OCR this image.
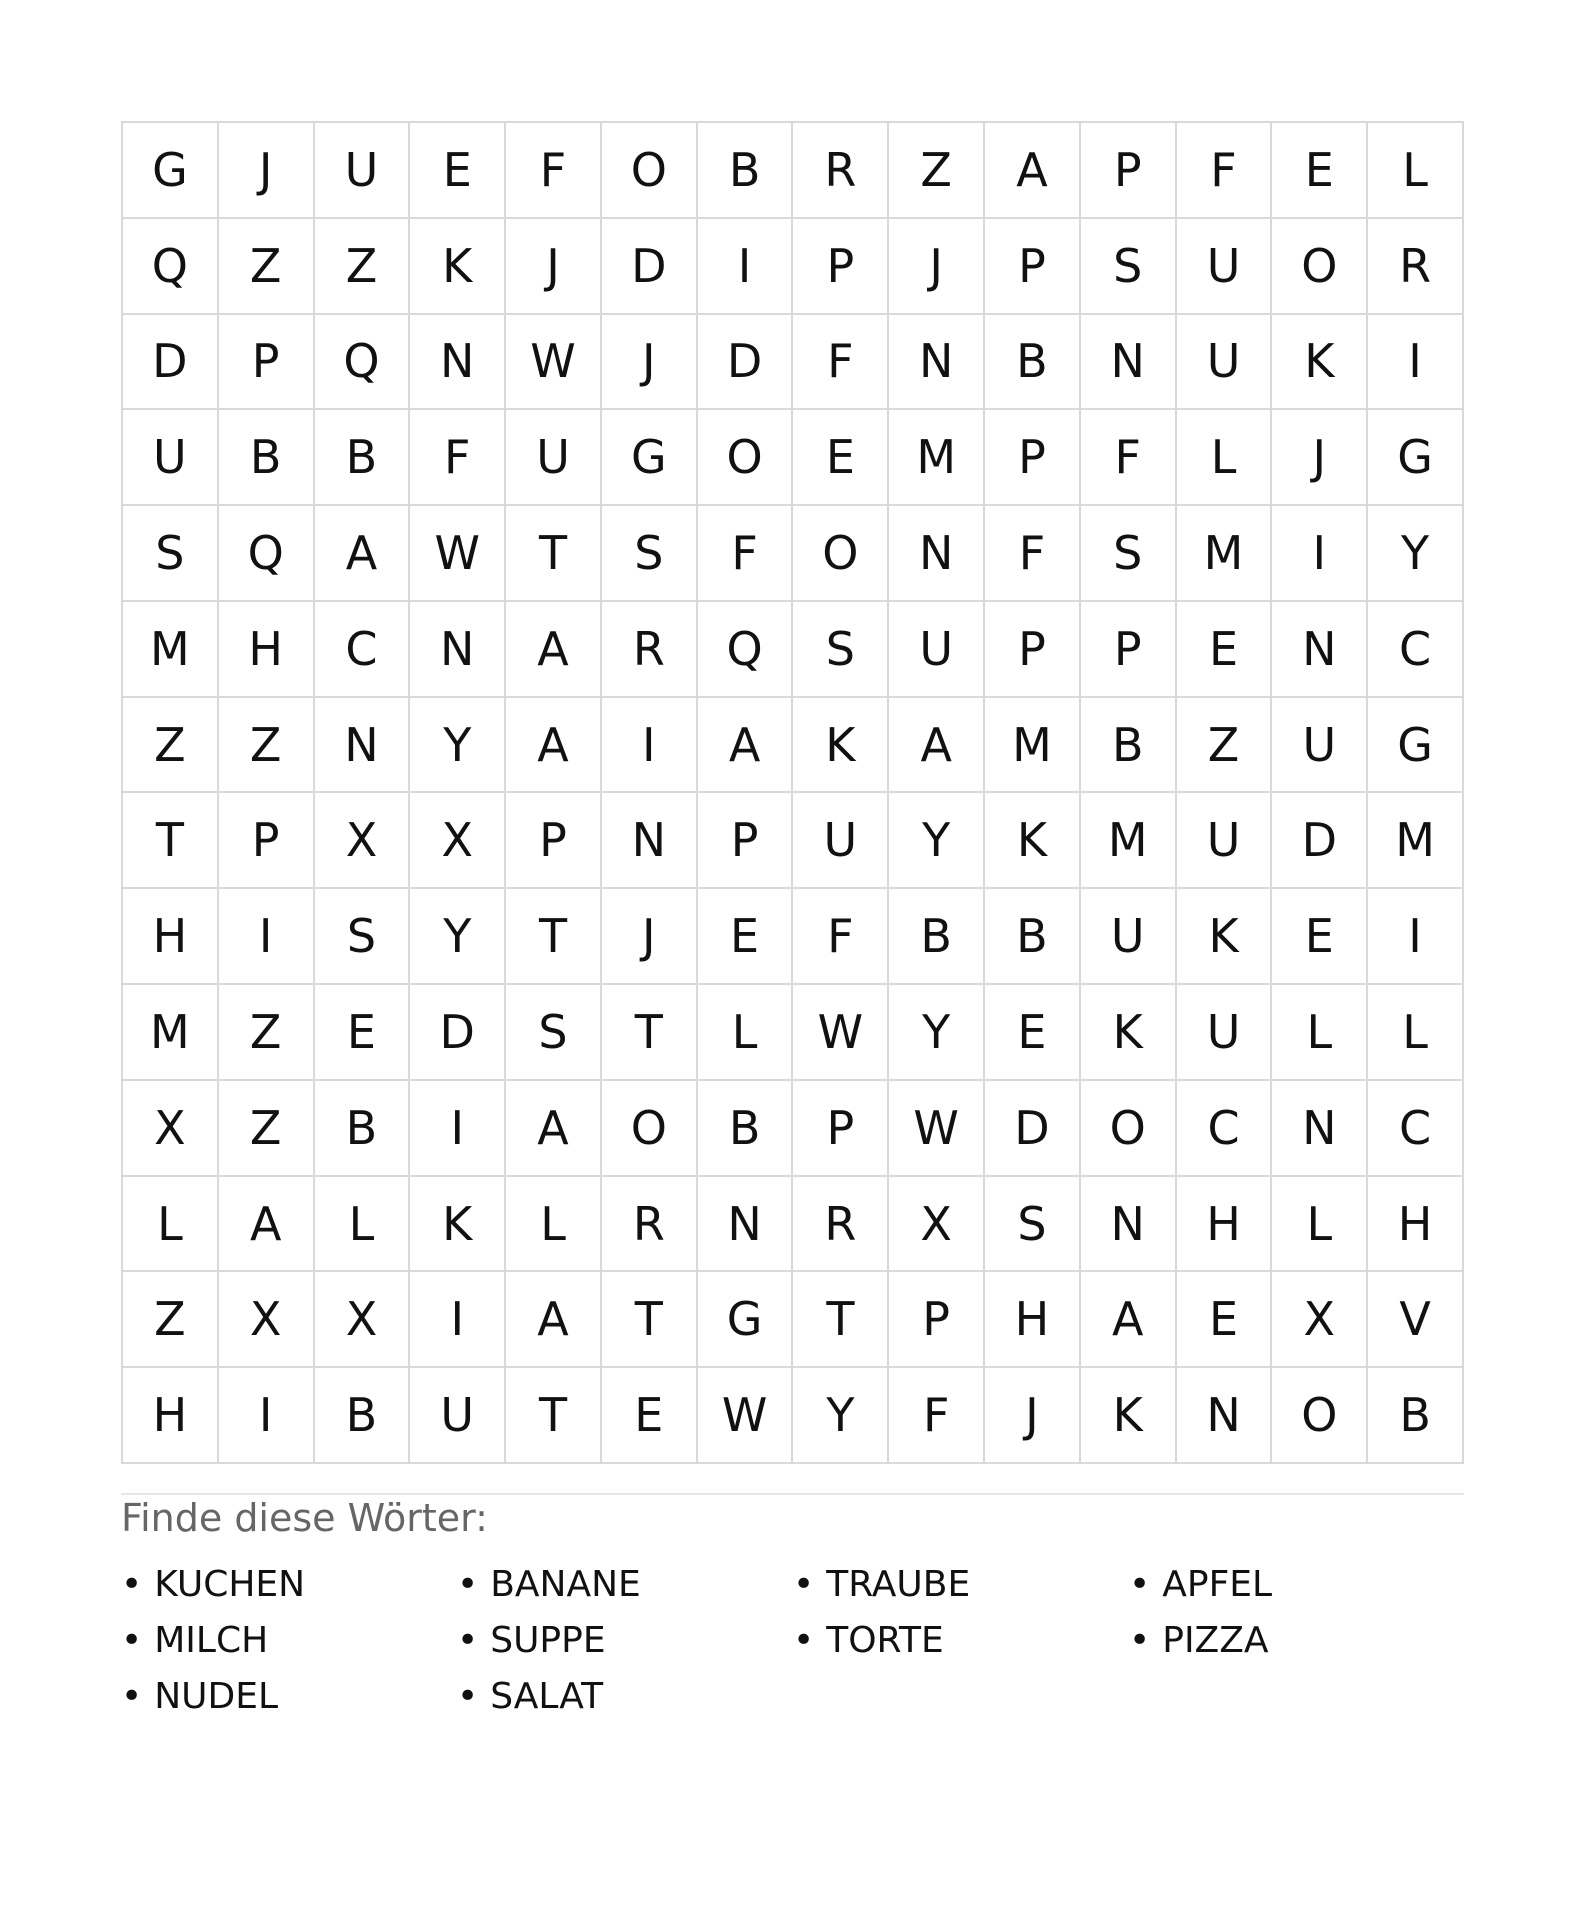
G	J	U	E	F	O	B	R	Z	A	P	F	E	L
Q	Z	Z	K	J	D	I	P	J	P	S	U	O	R
D	P	Q	N	W	J	D	F	N	B	N	U	K	I
U	B	B	F	U	G	O	E	M	P	F	L	J	G
S	Q	A	W	T	S	F	O	N	F	S	M	I	Y
M	H	C	N	A	R	Q	S	U	P	P	E	N	C
Z	Z	N	Y	A	I	A	K	A	M	B	Z	U	G
T	P	X	X	P	N	P	U	Y	K	M	U	D	M
H	I	S	Y	T	J	E	F	B	B	U	K	E	I
M	Z	E	D	S	T	L	W	Y	E	K	U	L	L
X	Z	B	I	A	O	B	P	W	D	O	C	N	C
L	A	L	K	L	R	N	R	X	S	N	H	L	H
Z	X	X	I	A	T	G	T	P	H	A	E	X	V
H	I	B	U	T	E	W	Y	F	J	K	N	O	B
Finde diese Wörter:
• KUCHEN	• BANANE	• TRAUBE	• APFEL
• MILCH	• SUPPE	• TORTE	• PIZZA
• NUDEL	• SALAT
